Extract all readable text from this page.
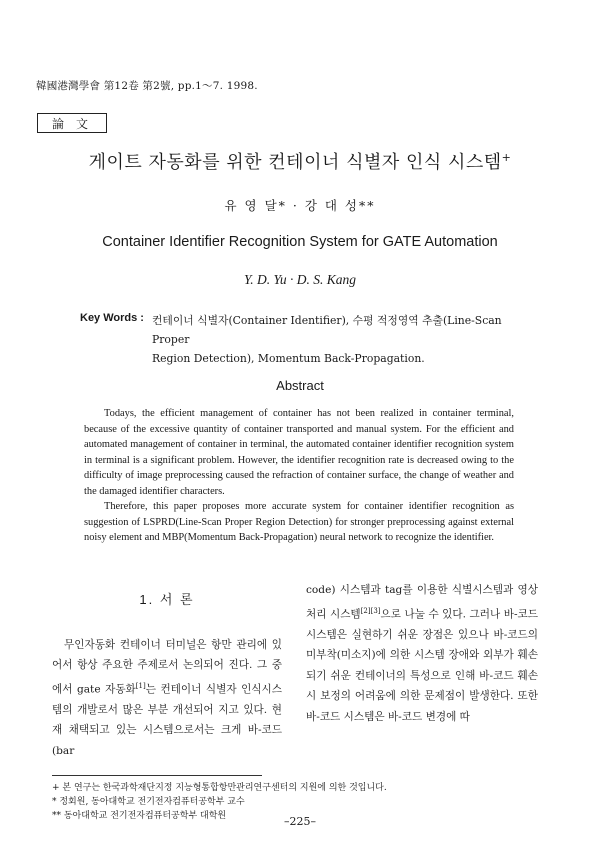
韓國港灣學會 第12卷 第2號, pp.1～7. 1998.
論文
게이트 자동화를 위한 컨테이너 식별자 인식 시스템+
유 영 달* · 강 대 성**
Container Identifier Recognition System for GATE Automation
Y. D. Yu · D. S. Kang
Key Words : 컨테이너 식별자(Container Identifier), 수평 적정영역 추출(Line-Scan Proper
Region Detection), Momentum Back-Propagation.
Abstract

Todays, the efficient management of container has not been realized in container terminal, because of the excessive quantity of container transported and manual system. For the efficient and automated management of container in terminal, the automated container identifier recognition system in terminal is a significant problem. However, the identifier recognition rate is decreased owing to the difficulty of image preprocessing caused the refraction of container surface, the change of weather and the damaged identifier characters.

Therefore, this paper proposes more accurate system for container identifier recognition as suggestion of LSPRD(Line-Scan Proper Region Detection) for stronger preprocessing against external noisy element and MBP(Momentum Back-Propagation) neural network to recognize the identifier.

1. 서 론

무인자동화 컨테이너 터미널은 항만 관리에 있어서 항상 주요한 주제로서 논의되어 진다. 그 중에서 gate 자동화[1]는 컨테이너 식별자 인식시스템의 개발로서 많은 부분 개선되어 지고 있다. 현재 채택되고 있는 시스템으로서는 크게 바-코드(bar

code) 시스템과 tag를 이용한 식별시스템과 영상처리 시스템[2][3]으로 나눌 수 있다. 그러나 바-코드 시스템은 실현하기 쉬운 장점은 있으나 바-코드의 미부착(미소지)에 의한 시스템 장애와 외부가 훼손되기 쉬운 컨테이너의 특성으로 인해 바-코드 훼손시 보정의 어려움에 의한 문제점이 발생한다. 또한 바-코드 시스템은 바-코드 변경에 따

+ 본 연구는 한국과학재단지정 지능형통합항만관리연구센터의 지원에 의한 것입니다.
* 정회원, 동아대학교 전기전자컴퓨터공학부 교수
** 동아대학교 전기전자컴퓨터공학부 대학원	–225–
